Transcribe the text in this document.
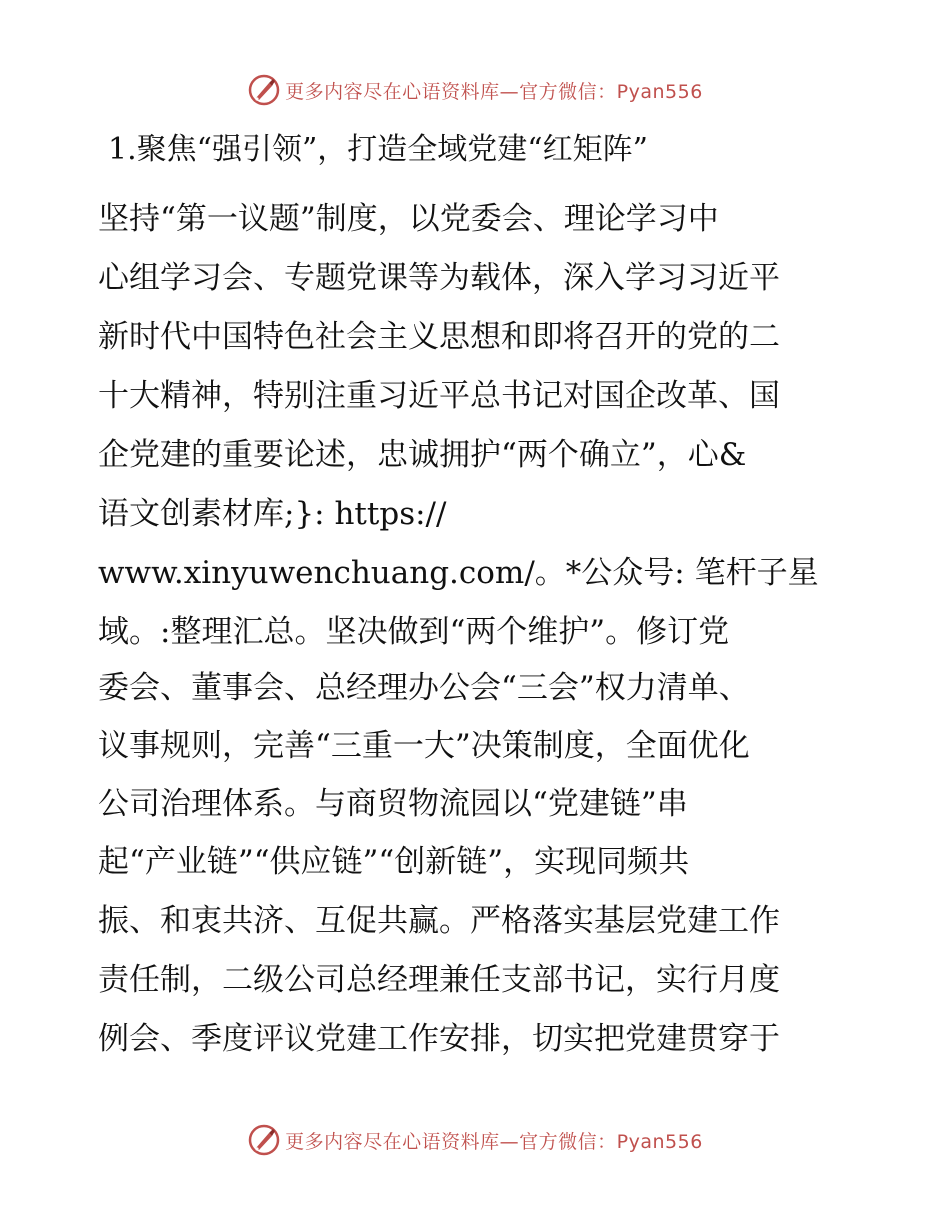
更多内容尽在心语资料库—官方微信：Pyan556
1.聚焦“强引领”，打造全域党建“红矩阵”
坚持“第一议题”制度，以党委会、理论学习中
心组学习会、专题党课等为载体，深入学习习近平
新时代中国特色社会主义思想和即将召开的党的二
十大精神，特别注重习近平总书记对国企改革、国
企党建的重要论述，忠诚拥护“两个确立”，心&
语文创素材库;}: https://
www.xinyuwenchuang.com/。*公众号: 笔杆子星
域。:整理汇总。坚决做到“两个维护”。修订党
委会、董事会、总经理办公会“三会”权力清单、
议事规则，完善“三重一大”决策制度，全面优化
公司治理体系。与商贸物流园以“党建链”串
起“产业链”“供应链”“创新链”，实现同频共
振、和衷共济、互促共赢。严格落实基层党建工作
责任制，二级公司总经理兼任支部书记，实行月度
例会、季度评议党建工作安排，切实把党建贯穿于
更多内容尽在心语资料库—官方微信：Pyan556
